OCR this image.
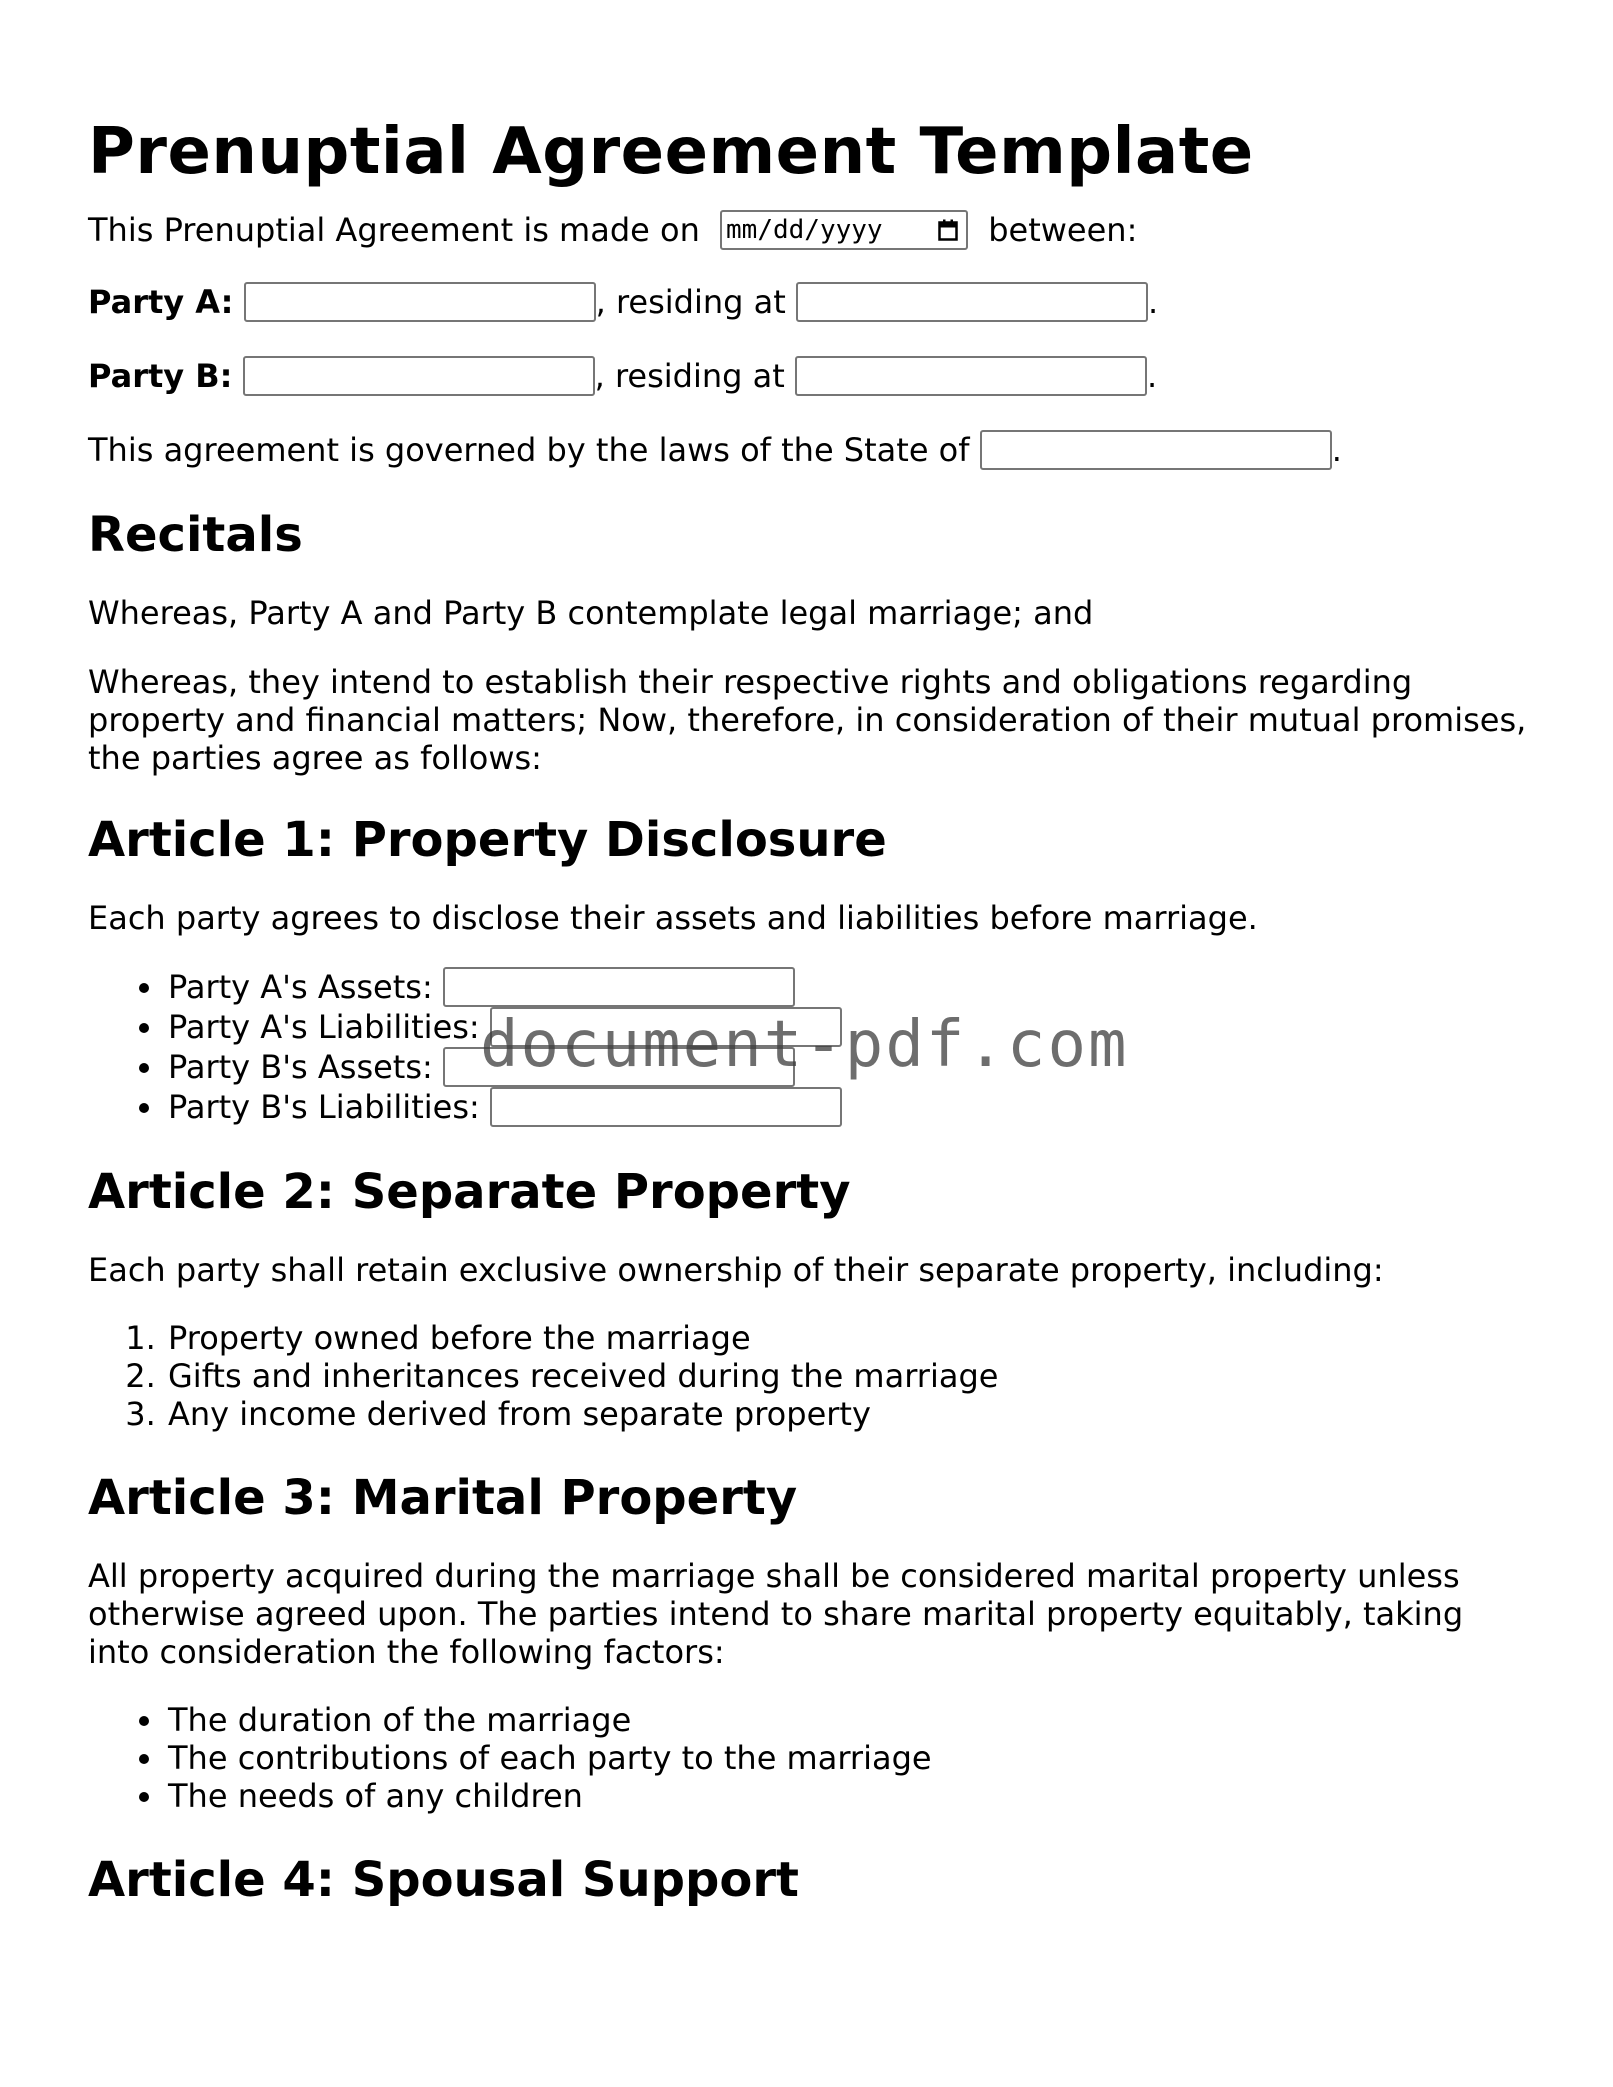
Prenuptial Agreement Template
This Prenuptial Agreement is made on mm/dd/yyyy	between:
Party A:
	, residing at	.
Party B:
	, residing at	.
This agreement is governed by the laws of the State of	.
Recitals

Whereas, Party A and Party B contemplate legal marriage; and

Whereas, they intend to establish their respective rights and obligations regarding property and financial matters; Now, therefore, in consideration of their mutual promises, the parties agree as follows:

Article 1: Property Disclosure

Each party agrees to disclose their assets and liabilities before marriage.

• Party A's Assets:
• Party A's Liabilities:
• Party B's Assets:
• Party B's Liabilities:
Article 2: Separate Property

Each party shall retain exclusive ownership of their separate property, including:

1. Property owned before the marriage
2. Gifts and inheritances received during the marriage
3. Any income derived from separate property
Article 3: Marital Property

All property acquired during the marriage shall be considered marital property unless otherwise agreed upon. The parties intend to share marital property equitably, taking into consideration the following factors:

• The duration of the marriage
• The contributions of each party to the marriage
• The needs of any children
Article 4: Spousal Support
document-pdf.com
